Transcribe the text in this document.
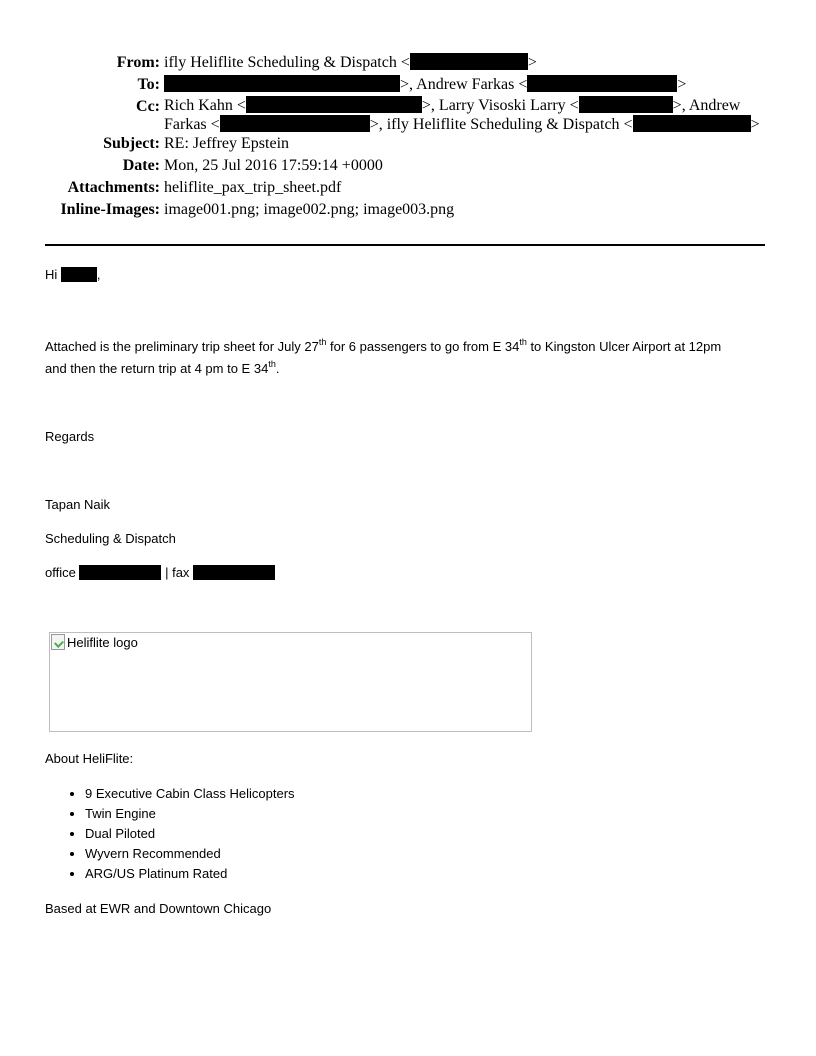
From: ifly Heliflite Scheduling & Dispatch <	>
To:	>, Andrew Farkas <	>
Cc: Rich Kahn <	>, Larry Visoski Larry <	>, Andrew
Farkas <	>, ifly Heliflite Scheduling & Dispatch <	>
Subject: RE: Jeffrey Epstein
Date: Mon, 25 Jul 2016 17:59:14 +0000
Attachments: heliflite_pax_trip_sheet.pdf
Inline-Images: image001.png; image002.png; image003.png

Hi	,

Attached is the preliminary trip sheet for July 27th for 6 passengers to go from E 34th to Kingston Ulcer Airport at 12pm
and then the return trip at 4 pm to E 34th.

Regards

Tapan Naik

Scheduling & Dispatch

office	| fax

About HeliFlite:

Based at EWR and Downtown Chicago

Heliflite logo
• 9 Executive Cabin Class Helicopters
• Twin Engine
• Dual Piloted
• Wyvern Recommended
• ARG/US Platinum Rated
